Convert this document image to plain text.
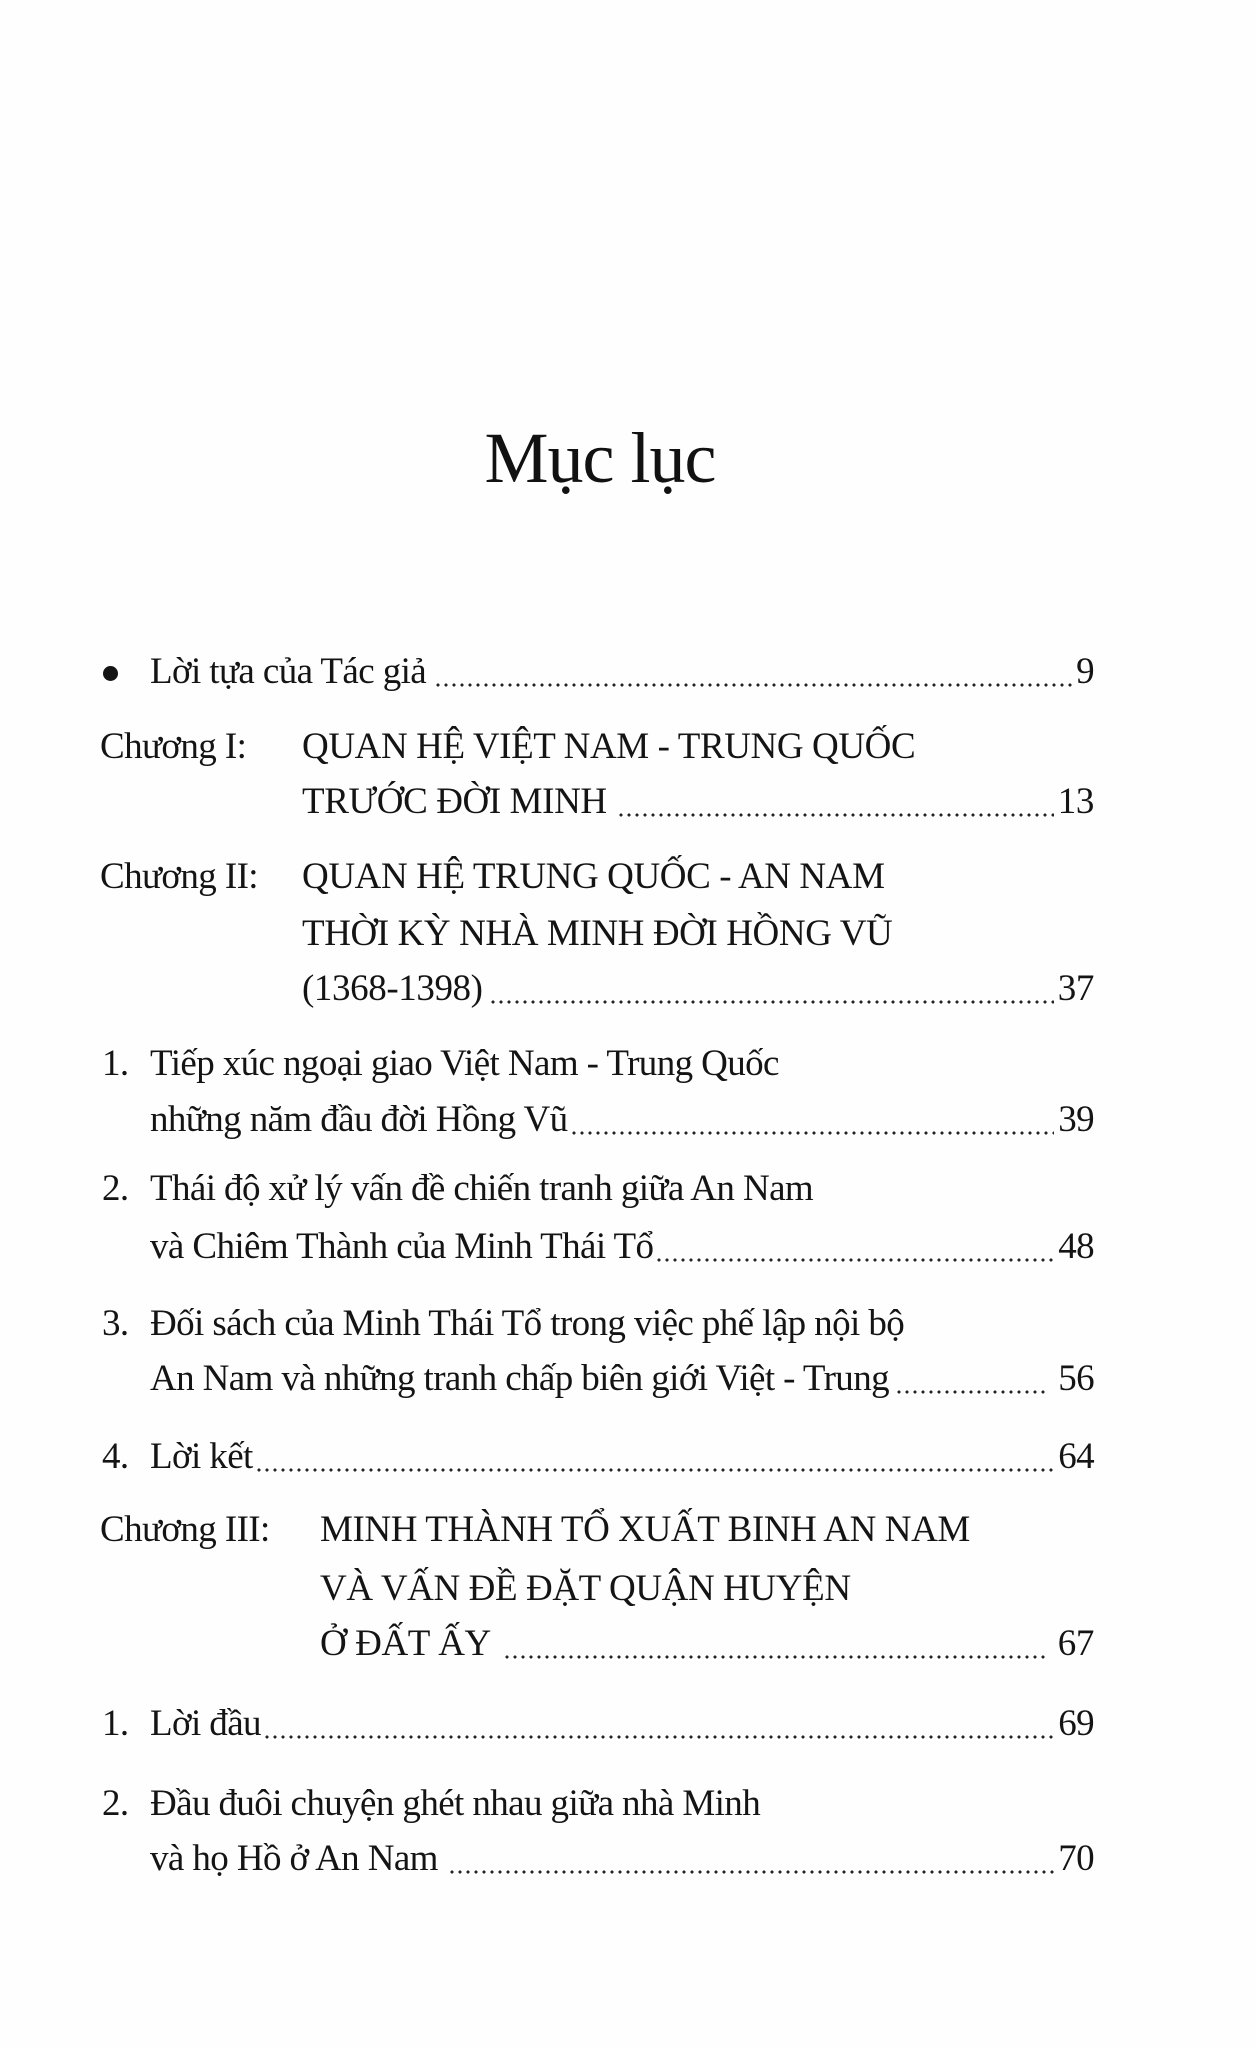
Mục lục
Lời tựa của Tác giả	9
Chương I: QUAN HỆ VIỆT NAM - TRUNG QUỐC
TRƯỚC ĐỜI MINH	13
Chương II: QUAN HỆ TRUNG QUỐC - AN NAM
THỜI KỲ NHÀ MINH ĐỜI HỒNG VŨ
(1368-1398)	37
1. Tiếp xúc ngoại giao Việt Nam - Trung Quốc
những năm đầu đời Hồng Vũ	39
2. Thái độ xử lý vấn đề chiến tranh giữa An Nam
và Chiêm Thành của Minh Thái Tổ	48
3. Đối sách của Minh Thái Tổ trong việc phế lập nội bộ
An Nam và những tranh chấp biên giới Việt - Trung	56
4. Lời kết	64
Chương III: MINH THÀNH TỔ XUẤT BINH AN NAM
VÀ VẤN ĐỀ ĐẶT QUẬN HUYỆN
Ở ĐẤT ẤY	67
1. Lời đầu	69
2. Đầu đuôi chuyện ghét nhau giữa nhà Minh
và họ Hồ ở An Nam	70
